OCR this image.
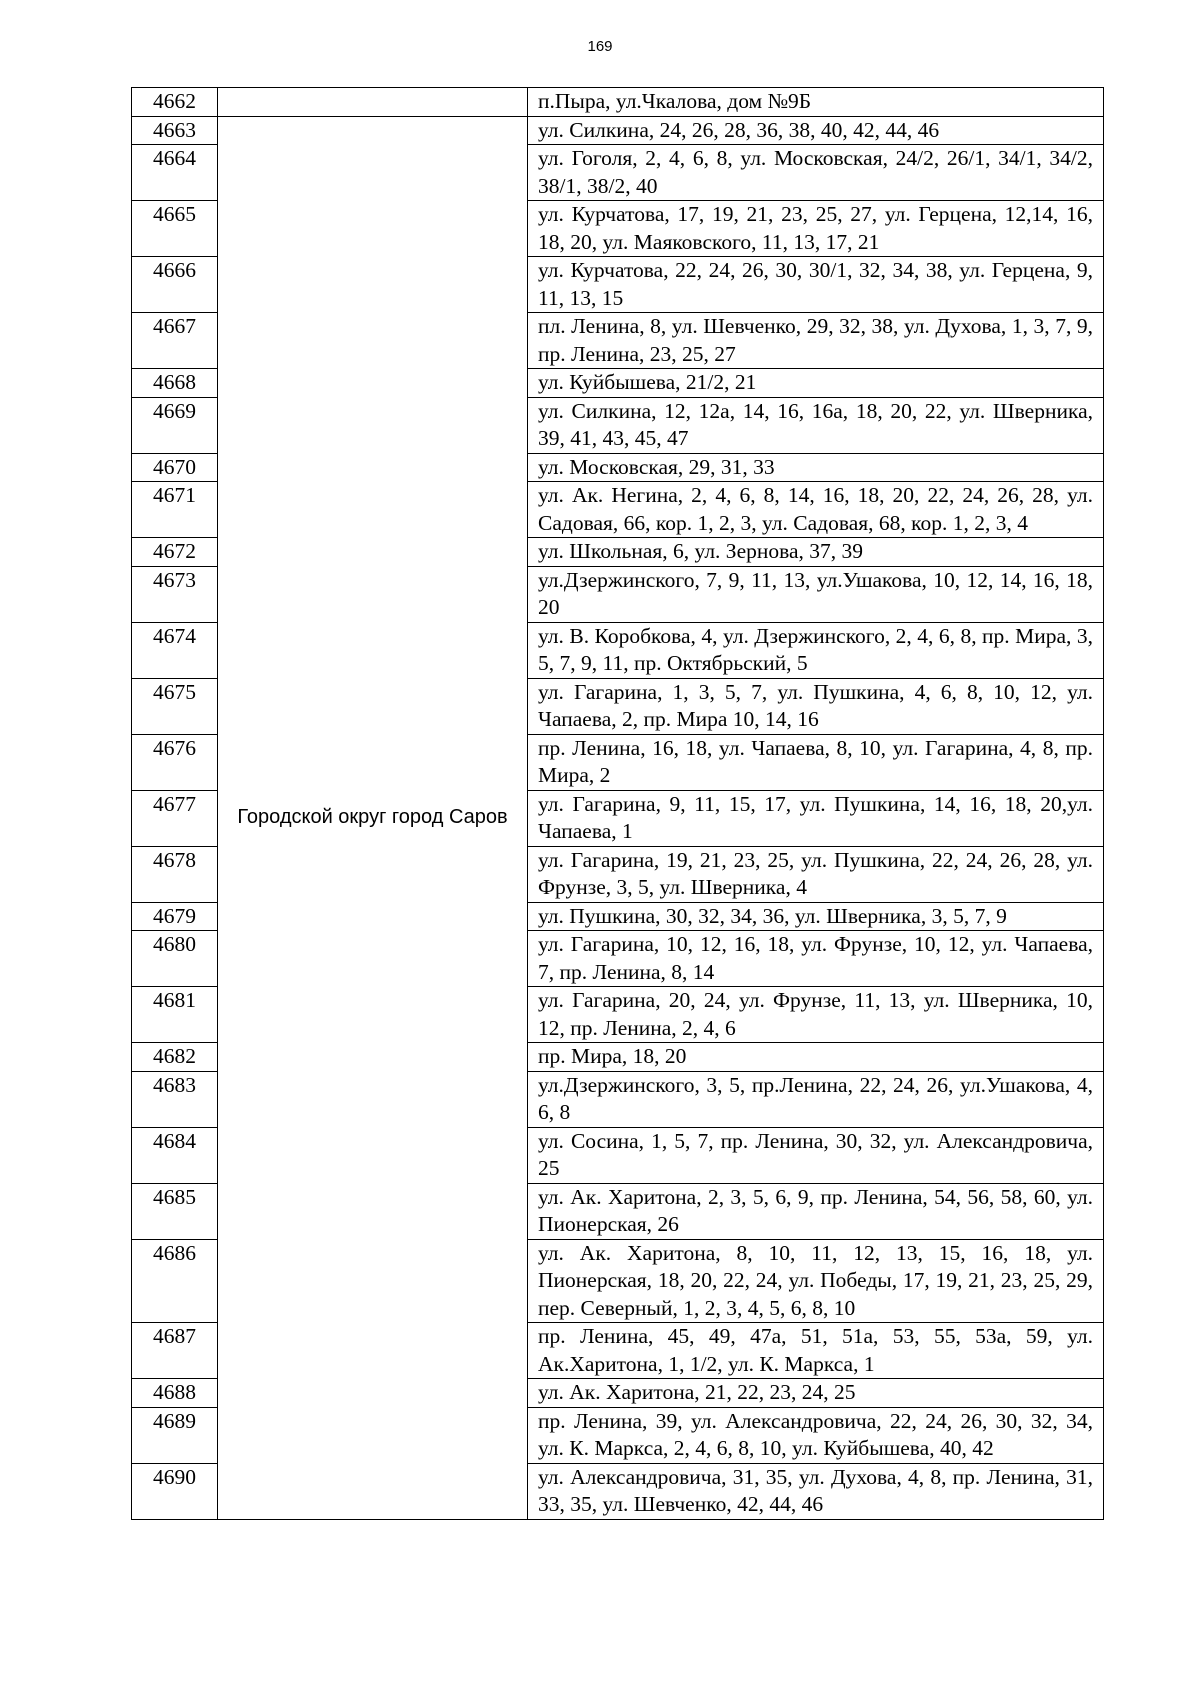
169
4662		п.Пыра, ул.Чкалова, дом №9Б

4663	Городской округ город Саров	ул. Силкина, 24, 26, 28, 36, 38, 40, 42, 44, 46

4664		ул. Гоголя, 2, 4, 6, 8, ул. Московская, 24/2, 26/1, 34/1, 34/2, 38/1, 38/2, 40

4665		ул. Курчатова, 17, 19, 21, 23, 25, 27, ул. Герцена, 12,14, 16, 18, 20, ул. Маяковского, 11, 13, 17, 21

4666		ул. Курчатова, 22, 24, 26, 30, 30/1, 32, 34, 38, ул. Герцена, 9, 11, 13, 15

4667		пл. Ленина, 8, ул. Шевченко, 29, 32, 38, ул. Духова, 1, 3, 7, 9, пр. Ленина, 23, 25, 27

4668		ул. Куйбышева, 21/2, 21

4669		ул. Силкина, 12, 12а, 14, 16, 16а, 18, 20, 22, ул. Шверника, 39, 41, 43, 45, 47

4670		ул. Московская, 29, 31, 33

4671		ул. Ак. Негина, 2, 4, 6, 8, 14, 16, 18, 20, 22, 24, 26, 28, ул. Садовая, 66, кор. 1, 2, 3, ул. Садовая, 68, кор. 1, 2, 3, 4

4672		ул. Школьная, 6, ул. Зернова, 37, 39

4673		ул.Дзержинского, 7, 9, 11, 13, ул.Ушакова, 10, 12, 14, 16, 18, 20

4674		ул. В. Коробкова, 4, ул. Дзержинского, 2, 4, 6, 8, пр. Мира, 3, 5, 7, 9, 11, пр. Октябрьский, 5

4675		ул. Гагарина, 1, 3, 5, 7, ул. Пушкина, 4, 6, 8, 10, 12, ул. Чапаева, 2, пр. Мира 10, 14, 16

4676		пр. Ленина, 16, 18, ул. Чапаева, 8, 10, ул. Гагарина, 4, 8, пр. Мира, 2

4677		ул. Гагарина, 9, 11, 15, 17, ул. Пушкина, 14, 16, 18, 20,ул. Чапаева, 1

4678		ул. Гагарина, 19, 21, 23, 25, ул. Пушкина, 22, 24, 26, 28, ул. Фрунзе, 3, 5, ул. Шверника, 4

4679		ул. Пушкина, 30, 32, 34, 36, ул. Шверника, 3, 5, 7, 9

4680		ул. Гагарина, 10, 12, 16, 18, ул. Фрунзе, 10, 12, ул. Чапаева, 7, пр. Ленина, 8, 14

4681		ул. Гагарина, 20, 24, ул. Фрунзе, 11, 13, ул. Шверника, 10, 12, пр. Ленина, 2, 4, 6

4682		пр. Мира, 18, 20

4683		ул.Дзержинского, 3, 5, пр.Ленина, 22, 24, 26, ул.Ушакова, 4, 6, 8

4684		ул. Сосина, 1, 5, 7, пр. Ленина, 30, 32, ул. Александровича, 25

4685		ул. Ак. Харитона, 2, 3, 5, 6, 9, пр. Ленина, 54, 56, 58, 60, ул. Пионерская, 26

4686		ул. Ак. Харитона, 8, 10, 11, 12, 13, 15, 16, 18, ул. Пионерская, 18, 20, 22, 24, ул. Победы, 17, 19, 21, 23, 25, 29, пер. Северный, 1, 2, 3, 4, 5, 6, 8, 10

4687		пр. Ленина, 45, 49, 47а, 51, 51а, 53, 55, 53а, 59, ул. Ак.Харитона, 1, 1/2, ул. К. Маркса, 1

4688		ул. Ак. Харитона, 21, 22, 23, 24, 25

4689		пр. Ленина, 39, ул. Александровича, 22, 24, 26, 30, 32, 34, ул. К. Маркса, 2, 4, 6, 8, 10, ул. Куйбышева, 40, 42

4690		ул. Александровича, 31, 35, ул. Духова, 4, 8, пр. Ленина, 31, 33, 35, ул. Шевченко, 42, 44, 46
